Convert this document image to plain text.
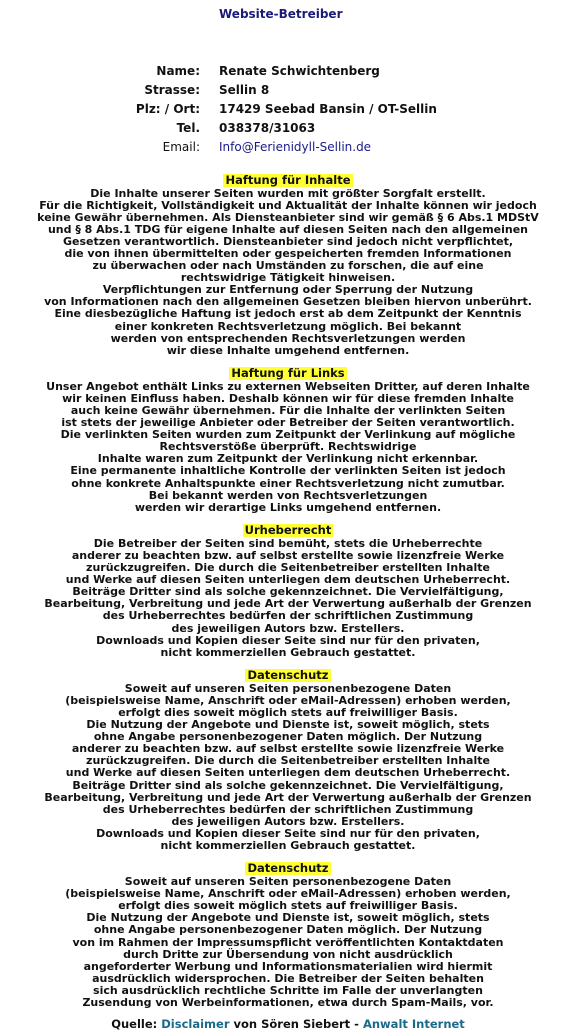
Website-Betreiber
Verantwortlich für Aufbau und Inhalt
Name: Renate Schwichtenberg
Strasse: Sellin 8
Plz: / Ort: 17429 Seebad Bansin / OT-Sellin
Tel. 038378/31063
Email: Info@Ferienidyll-Sellin.de
Haftung für Inhalte
Die Inhalte unserer Seiten wurden mit größter Sorgfalt erstellt.
Für die Richtigkeit, Vollständigkeit und Aktualität der Inhalte können wir jedoch
keine Gewähr übernehmen. Als Diensteanbieter sind wir gemäß § 6 Abs.1 MDStV
und § 8 Abs.1 TDG für eigene Inhalte auf diesen Seiten nach den allgemeinen
Gesetzen verantwortlich. Diensteanbieter sind jedoch nicht verpflichtet,
die von ihnen übermittelten oder gespeicherten fremden Informationen
zu überwachen oder nach Umständen zu forschen, die auf eine
rechtswidrige Tätigkeit hinweisen.
Verpflichtungen zur Entfernung oder Sperrung der Nutzung
von Informationen nach den allgemeinen Gesetzen bleiben hiervon unberührt.
Eine diesbezügliche Haftung ist jedoch erst ab dem Zeitpunkt der Kenntnis
einer konkreten Rechtsverletzung möglich. Bei bekannt
werden von entsprechenden Rechtsverletzungen werden
wir diese Inhalte umgehend entfernen.
Haftung für Links
Unser Angebot enthält Links zu externen Webseiten Dritter, auf deren Inhalte
wir keinen Einfluss haben. Deshalb können wir für diese fremden Inhalte
auch keine Gewähr übernehmen. Für die Inhalte der verlinkten Seiten
ist stets der jeweilige Anbieter oder Betreiber der Seiten verantwortlich.
Die verlinkten Seiten wurden zum Zeitpunkt der Verlinkung auf mögliche
Rechtsverstöße überprüft. Rechtswidrige
Inhalte waren zum Zeitpunkt der Verlinkung nicht erkennbar.
Eine permanente inhaltliche Kontrolle der verlinkten Seiten ist jedoch
ohne konkrete Anhaltspunkte einer Rechtsverletzung nicht zumutbar.
Bei bekannt werden von Rechtsverletzungen
werden wir derartige Links umgehend entfernen.
Urheberrecht
Die Betreiber der Seiten sind bemüht, stets die Urheberrechte
anderer zu beachten bzw. auf selbst erstellte sowie lizenzfreie Werke
zurückzugreifen. Die durch die Seitenbetreiber erstellten Inhalte
und Werke auf diesen Seiten unterliegen dem deutschen Urheberrecht.
Beiträge Dritter sind als solche gekennzeichnet. Die Vervielfältigung,
Bearbeitung, Verbreitung und jede Art der Verwertung außerhalb der Grenzen
des Urheberrechtes bedürfen der schriftlichen Zustimmung
des jeweiligen Autors bzw. Erstellers.
Downloads und Kopien dieser Seite sind nur für den privaten,
nicht kommerziellen Gebrauch gestattet.
Datenschutz
Soweit auf unseren Seiten personenbezogene Daten
(beispielsweise Name, Anschrift oder eMail-Adressen) erhoben werden,
erfolgt dies soweit möglich stets auf freiwilliger Basis.
Die Nutzung der Angebote und Dienste ist, soweit möglich, stets
ohne Angabe personenbezogener Daten möglich. Der Nutzung
anderer zu beachten bzw. auf selbst erstellte sowie lizenzfreie Werke
zurückzugreifen. Die durch die Seitenbetreiber erstellten Inhalte
und Werke auf diesen Seiten unterliegen dem deutschen Urheberrecht.
Beiträge Dritter sind als solche gekennzeichnet. Die Vervielfältigung,
Bearbeitung, Verbreitung und jede Art der Verwertung außerhalb der Grenzen
des Urheberrechtes bedürfen der schriftlichen Zustimmung
des jeweiligen Autors bzw. Erstellers.
Downloads und Kopien dieser Seite sind nur für den privaten,
nicht kommerziellen Gebrauch gestattet.
Datenschutz
Soweit auf unseren Seiten personenbezogene Daten
(beispielsweise Name, Anschrift oder eMail-Adressen) erhoben werden,
erfolgt dies soweit möglich stets auf freiwilliger Basis.
Die Nutzung der Angebote und Dienste ist, soweit möglich, stets
ohne Angabe personenbezogener Daten möglich. Der Nutzung
von im Rahmen der Impressumspflicht veröffentlichten Kontaktdaten
durch Dritte zur Übersendung von nicht ausdrücklich
angeforderter Werbung und Informationsmaterialien wird hiermit
ausdrücklich widersprochen. Die Betreiber der Seiten behalten
sich ausdrücklich rechtliche Schritte im Falle der unverlangten
Zusendung von Werbeinformationen, etwa durch Spam-Mails, vor.
Quelle: Disclaimer von Sören Siebert - Anwalt Internet
